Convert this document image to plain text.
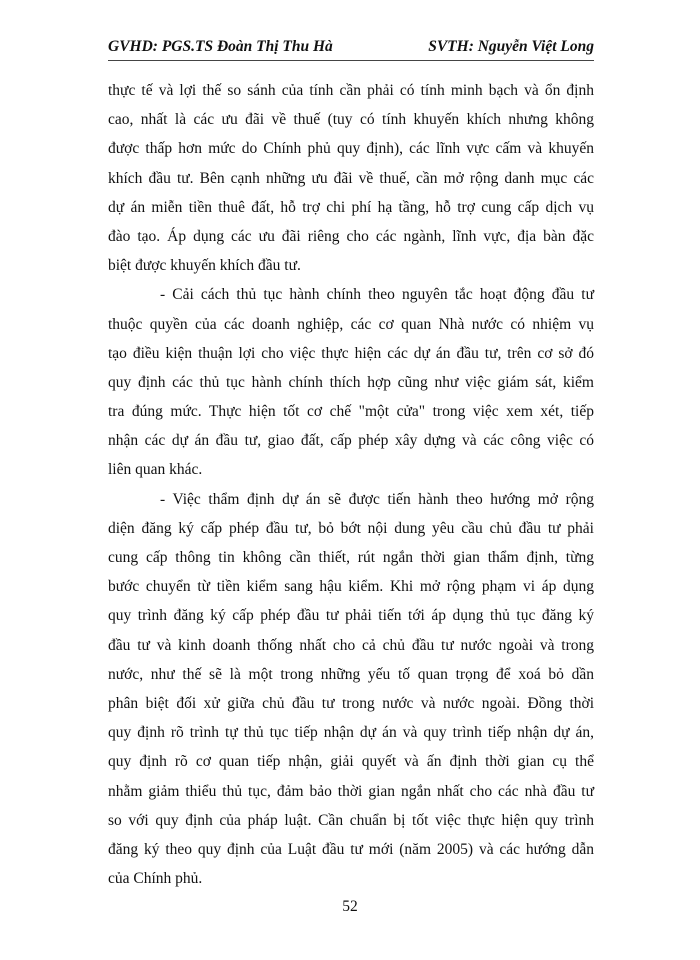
GVHD: PGS.TS Đoàn Thị Thu Hà	SVTH: Nguyễn Việt Long
thực tế và lợi thế so sánh của tính cần phải có tính minh bạch và ổn định
cao, nhất là các ưu đãi về thuế (tuy có tính khuyến khích nhưng không
được thấp hơn mức do Chính phủ quy định), các lĩnh vực cấm và khuyến
khích đầu tư. Bên cạnh những ưu đãi về thuế, cần mở rộng danh mục các
dự án miễn tiền thuê đất, hỗ trợ chi phí hạ tầng, hỗ trợ cung cấp dịch vụ
đào tạo. Áp dụng các ưu đãi riêng cho các ngành, lĩnh vực, địa bàn đặc
biệt được khuyến khích đầu tư.
- Cải cách thủ tục hành chính theo nguyên tắc hoạt động đầu tư
thuộc quyền của các doanh nghiệp, các cơ quan Nhà nước có nhiệm vụ
tạo điều kiện thuận lợi cho việc thực hiện các dự án đầu tư, trên cơ sở đó
quy định các thủ tục hành chính thích hợp cũng như việc giám sát, kiểm
tra đúng mức. Thực hiện tốt cơ chế "một cửa" trong việc xem xét, tiếp
nhận các dự án đầu tư, giao đất, cấp phép xây dựng và các công việc có
liên quan khác.
- Việc thẩm định dự án sẽ được tiến hành theo hướng mở rộng
diện đăng ký cấp phép đầu tư, bỏ bớt nội dung yêu cầu chủ đầu tư phải
cung cấp thông tin không cần thiết, rút ngắn thời gian thẩm định, từng
bước chuyển từ tiền kiểm sang hậu kiểm. Khi mở rộng phạm vi áp dụng
quy trình đăng ký cấp phép đầu tư phải tiến tới áp dụng thủ tục đăng ký
đầu tư và kinh doanh thống nhất cho cả chủ đầu tư nước ngoài và trong
nước, như thế sẽ là một trong những yếu tố quan trọng để xoá bỏ dần
phân biệt đối xử giữa chủ đầu tư trong nước và nước ngoài. Đồng thời
quy định rõ trình tự thủ tục tiếp nhận dự án và quy trình tiếp nhận dự án,
quy định rõ cơ quan tiếp nhận, giải quyết và ấn định thời gian cụ thể
nhằm giảm thiểu thủ tục, đảm bảo thời gian ngắn nhất cho các nhà đầu tư
so với quy định của pháp luật. Cần chuẩn bị tốt việc thực hiện quy trình
đăng ký theo quy định của Luật đầu tư mới (năm 2005) và các hướng dẫn
của Chính phủ.
52
